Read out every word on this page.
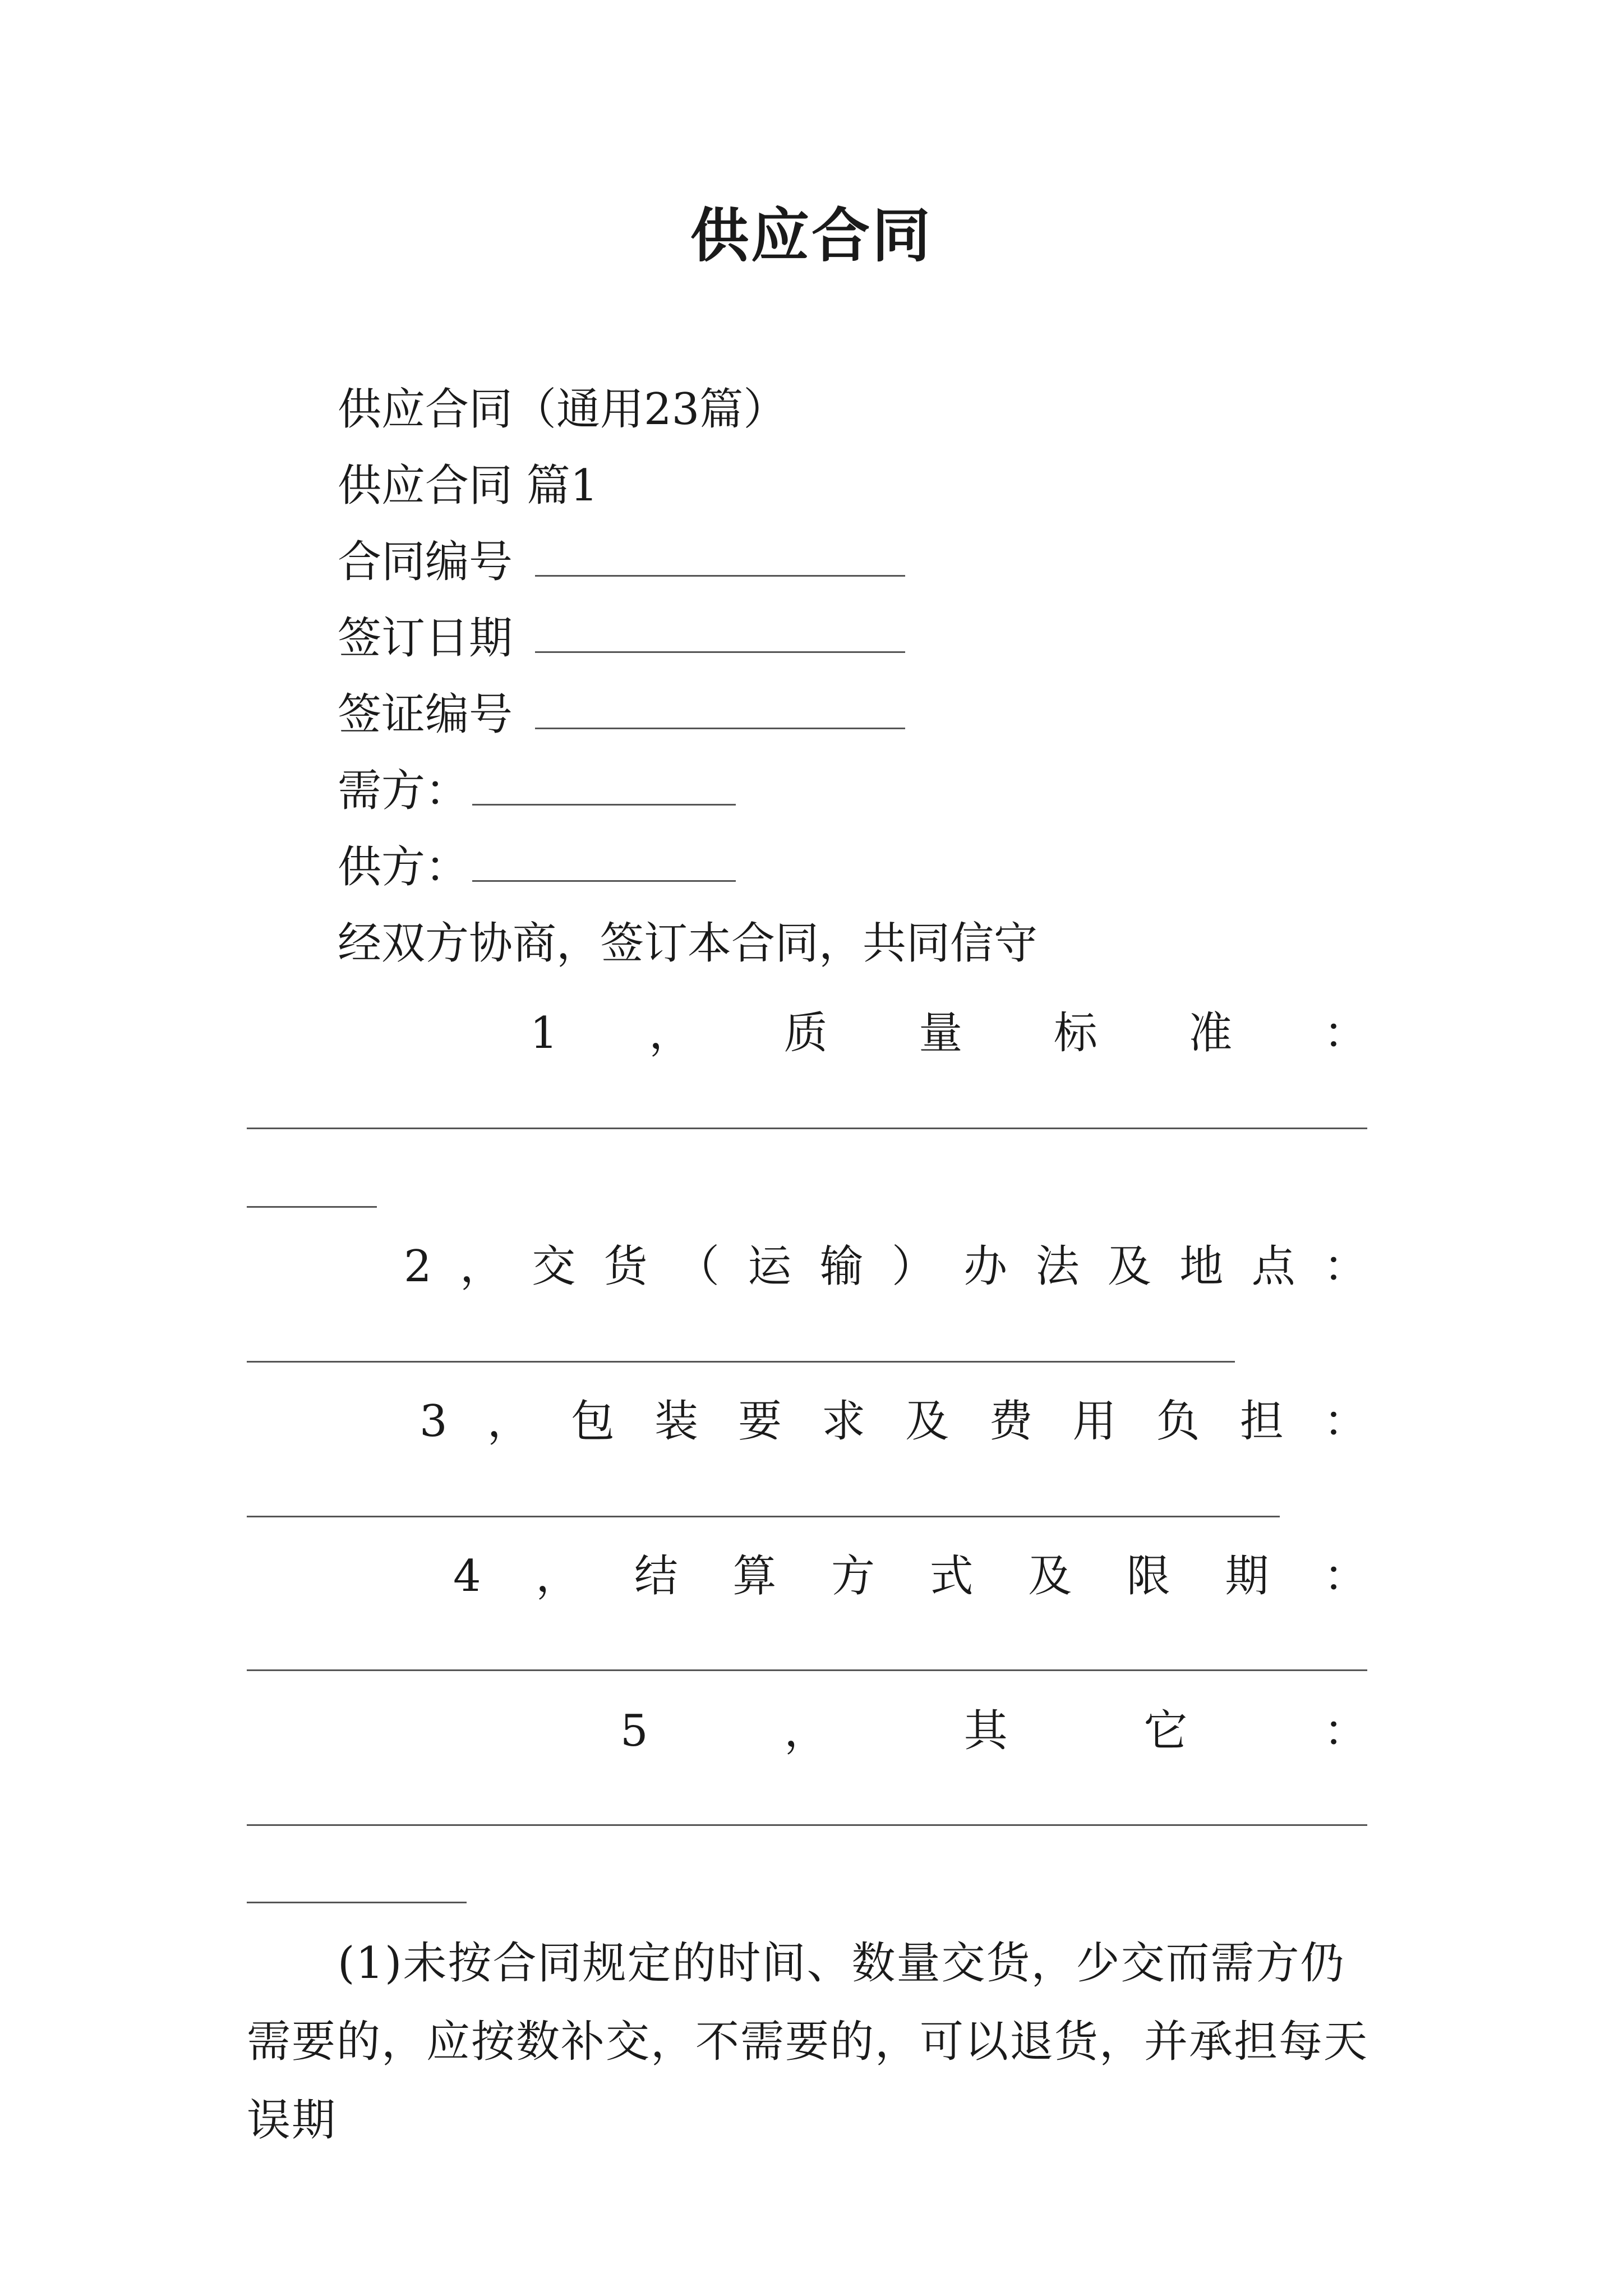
供应合同
供应合同（通用23篇）
供应合同 篇1
合同编号
签订日期
签证编号
需方：
供方：
经双方协商，签订本合同，共同信守
1 ， 质 量 标 准 ：
2 ， 交 货 （ 运 输 ） 办 法 及 地 点 ：
3 ， 包 装 要 求 及 费 用 负 担 ：
4 ， 结 算 方 式 及 限 期 ：
5	，	其	它	：
(1)未按合同规定的时间、数量交货，少交而需方仍需要的，应按数补交，不需要的，可以退货，并承担每天误期
